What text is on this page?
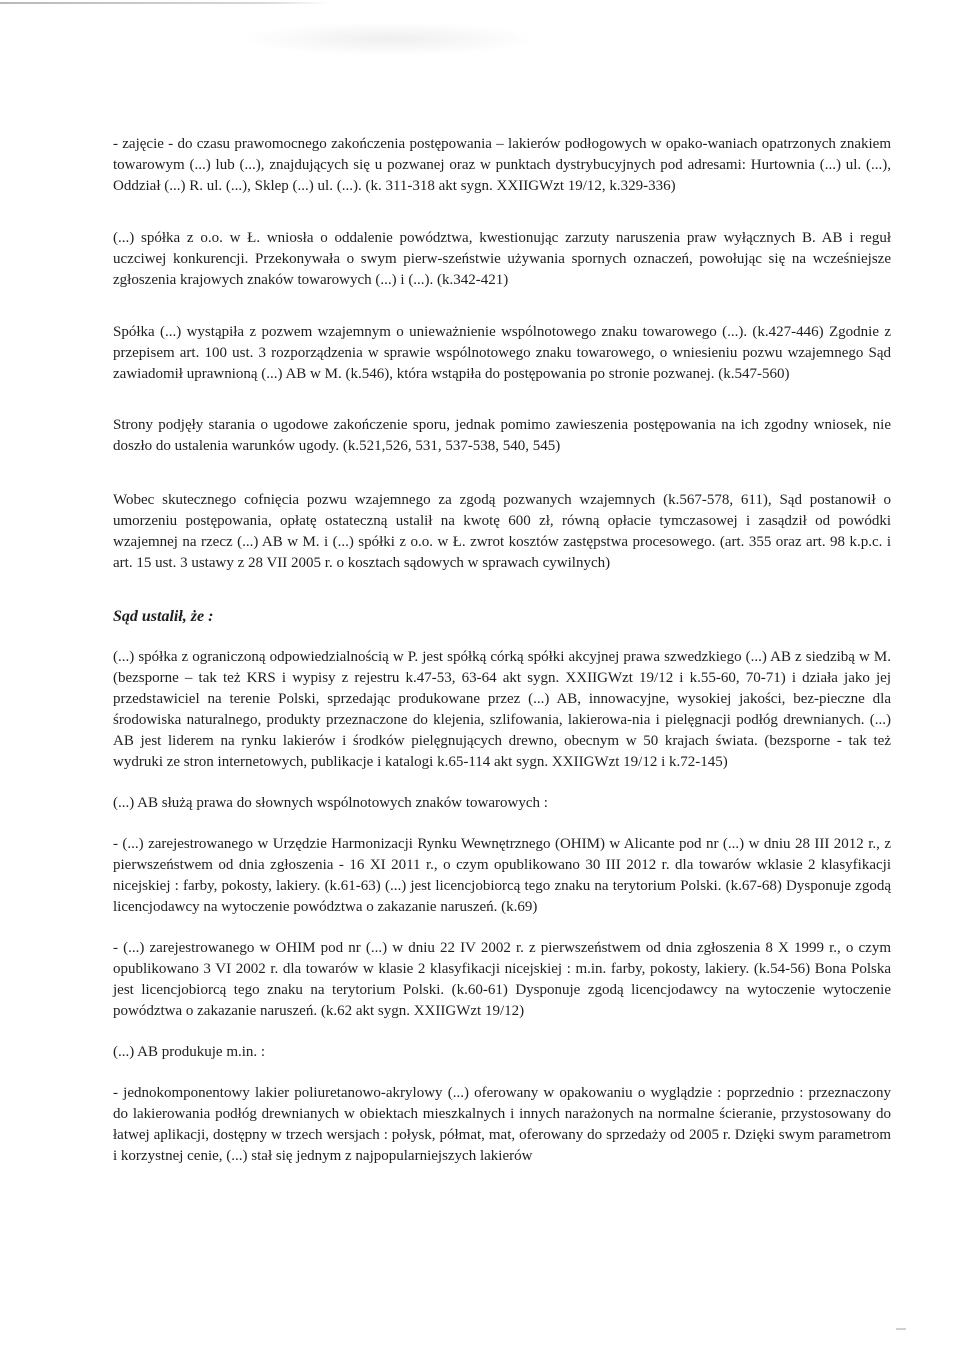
- zajęcie - do czasu prawomocnego zakończenia postępowania – lakierów podłogowych w opako-waniach opatrzonych znakiem towarowym (...) lub (...), znajdujących się u pozwanej oraz w punktach dystrybucyjnych pod adresami: Hurtownia (...) ul. (...), Oddział (...) R. ul. (...), Sklep (...) ul. (...). (k. 311-318 akt sygn. XXIIGWzt 19/12, k.329-336)

(...) spółka z o.o. w Ł. wniosła o oddalenie powództwa, kwestionując zarzuty naruszenia praw wyłącznych B. AB i reguł uczciwej konkurencji. Przekonywała o swym pierw-szeństwie używania spornych oznaczeń, powołując się na wcześniejsze zgłoszenia krajowych znaków towarowych (...) i (...). (k.342-421)

Spółka (...) wystąpiła z pozwem wzajemnym o unieważnienie wspólnotowego znaku towarowego (...). (k.427-446) Zgodnie z przepisem art. 100 ust. 3 rozporządzenia w sprawie wspólnotowego znaku towarowego, o wniesieniu pozwu wzajemnego Sąd zawiadomił uprawnioną (...) AB w M. (k.546), która wstąpiła do postępowania po stronie pozwanej. (k.547-560)

Strony podjęły starania o ugodowe zakończenie sporu, jednak pomimo zawieszenia postępowania na ich zgodny wniosek, nie doszło do ustalenia warunków ugody. (k.521,526, 531, 537-538, 540, 545)

Wobec skutecznego cofnięcia pozwu wzajemnego za zgodą pozwanych wzajemnych (k.567-578, 611), Sąd postanowił o umorzeniu postępowania, opłatę ostateczną ustalił na kwotę 600 zł, równą opłacie tymczasowej i zasądził od powódki wzajemnej na rzecz (...) AB w M. i (...) spółki z o.o. w Ł. zwrot kosztów zastępstwa procesowego. (art. 355 oraz art. 98 k.p.c. i art. 15 ust. 3 ustawy z 28 VII 2005 r. o kosztach sądowych w sprawach cywilnych)

Sąd ustalił, że :

(...) spółka z ograniczoną odpowiedzialnością w P. jest spółką córką spółki akcyjnej prawa szwedzkiego (...) AB z siedzibą w M. (bezsporne – tak też KRS i wypisy z rejestru k.47-53, 63-64 akt sygn. XXIIGWzt 19/12 i k.55-60, 70-71) i działa jako jej przedstawiciel na terenie Polski, sprzedając produkowane przez (...) AB, innowacyjne, wysokiej jakości, bez-pieczne dla środowiska naturalnego, produkty przeznaczone do klejenia, szlifowania, lakierowa-nia i pielęgnacji podłóg drewnianych. (...) AB jest liderem na rynku lakierów i środków pielęgnujących drewno, obecnym w 50 krajach świata. (bezsporne - tak też wydruki ze stron internetowych, publikacje i katalogi k.65-114 akt sygn. XXIIGWzt 19/12 i k.72-145)

(...) AB służą prawa do słownych wspólnotowych znaków towarowych :

- (...) zarejestrowanego w Urzędzie Harmonizacji Rynku Wewnętrznego (OHIM) w Alicante pod nr (...) w dniu 28 III 2012 r., z pierwszeństwem od dnia zgłoszenia - 16 XI 2011 r., o czym opublikowano 30 III 2012 r. dla towarów wklasie 2 klasyfikacji nicejskiej : farby, pokosty, lakiery. (k.61-63) (...) jest licencjobiorcą tego znaku na terytorium Polski. (k.67-68) Dysponuje zgodą licencjodawcy na wytoczenie powództwa o zakazanie naruszeń. (k.69)

- (...) zarejestrowanego w OHIM pod nr (...) w dniu 22 IV 2002 r. z pierwszeństwem od dnia zgłoszenia 8 X 1999 r., o czym opublikowano 3 VI 2002 r. dla towarów w klasie 2 klasyfikacji nicejskiej : m.in. farby, pokosty, lakiery. (k.54-56) Bona Polska jest licencjobiorcą tego znaku na terytorium Polski. (k.60-61) Dysponuje zgodą licencjodawcy na wytoczenie wytoczenie powództwa o zakazanie naruszeń. (k.62 akt sygn. XXIIGWzt 19/12)

(...) AB produkuje m.in. :

- jednokomponentowy lakier poliuretanowo-akrylowy (...) oferowany w opakowaniu o wyglądzie : poprzednio : przeznaczony do lakierowania podłóg drewnianych w obiektach mieszkalnych i innych narażonych na normalne ścieranie, przystosowany do łatwej aplikacji, dostępny w trzech wersjach : połysk, półmat, mat, oferowany do sprzedaży od 2005 r. Dzięki swym parametrom i korzystnej cenie, (...) stał się jednym z najpopularniejszych lakierów
